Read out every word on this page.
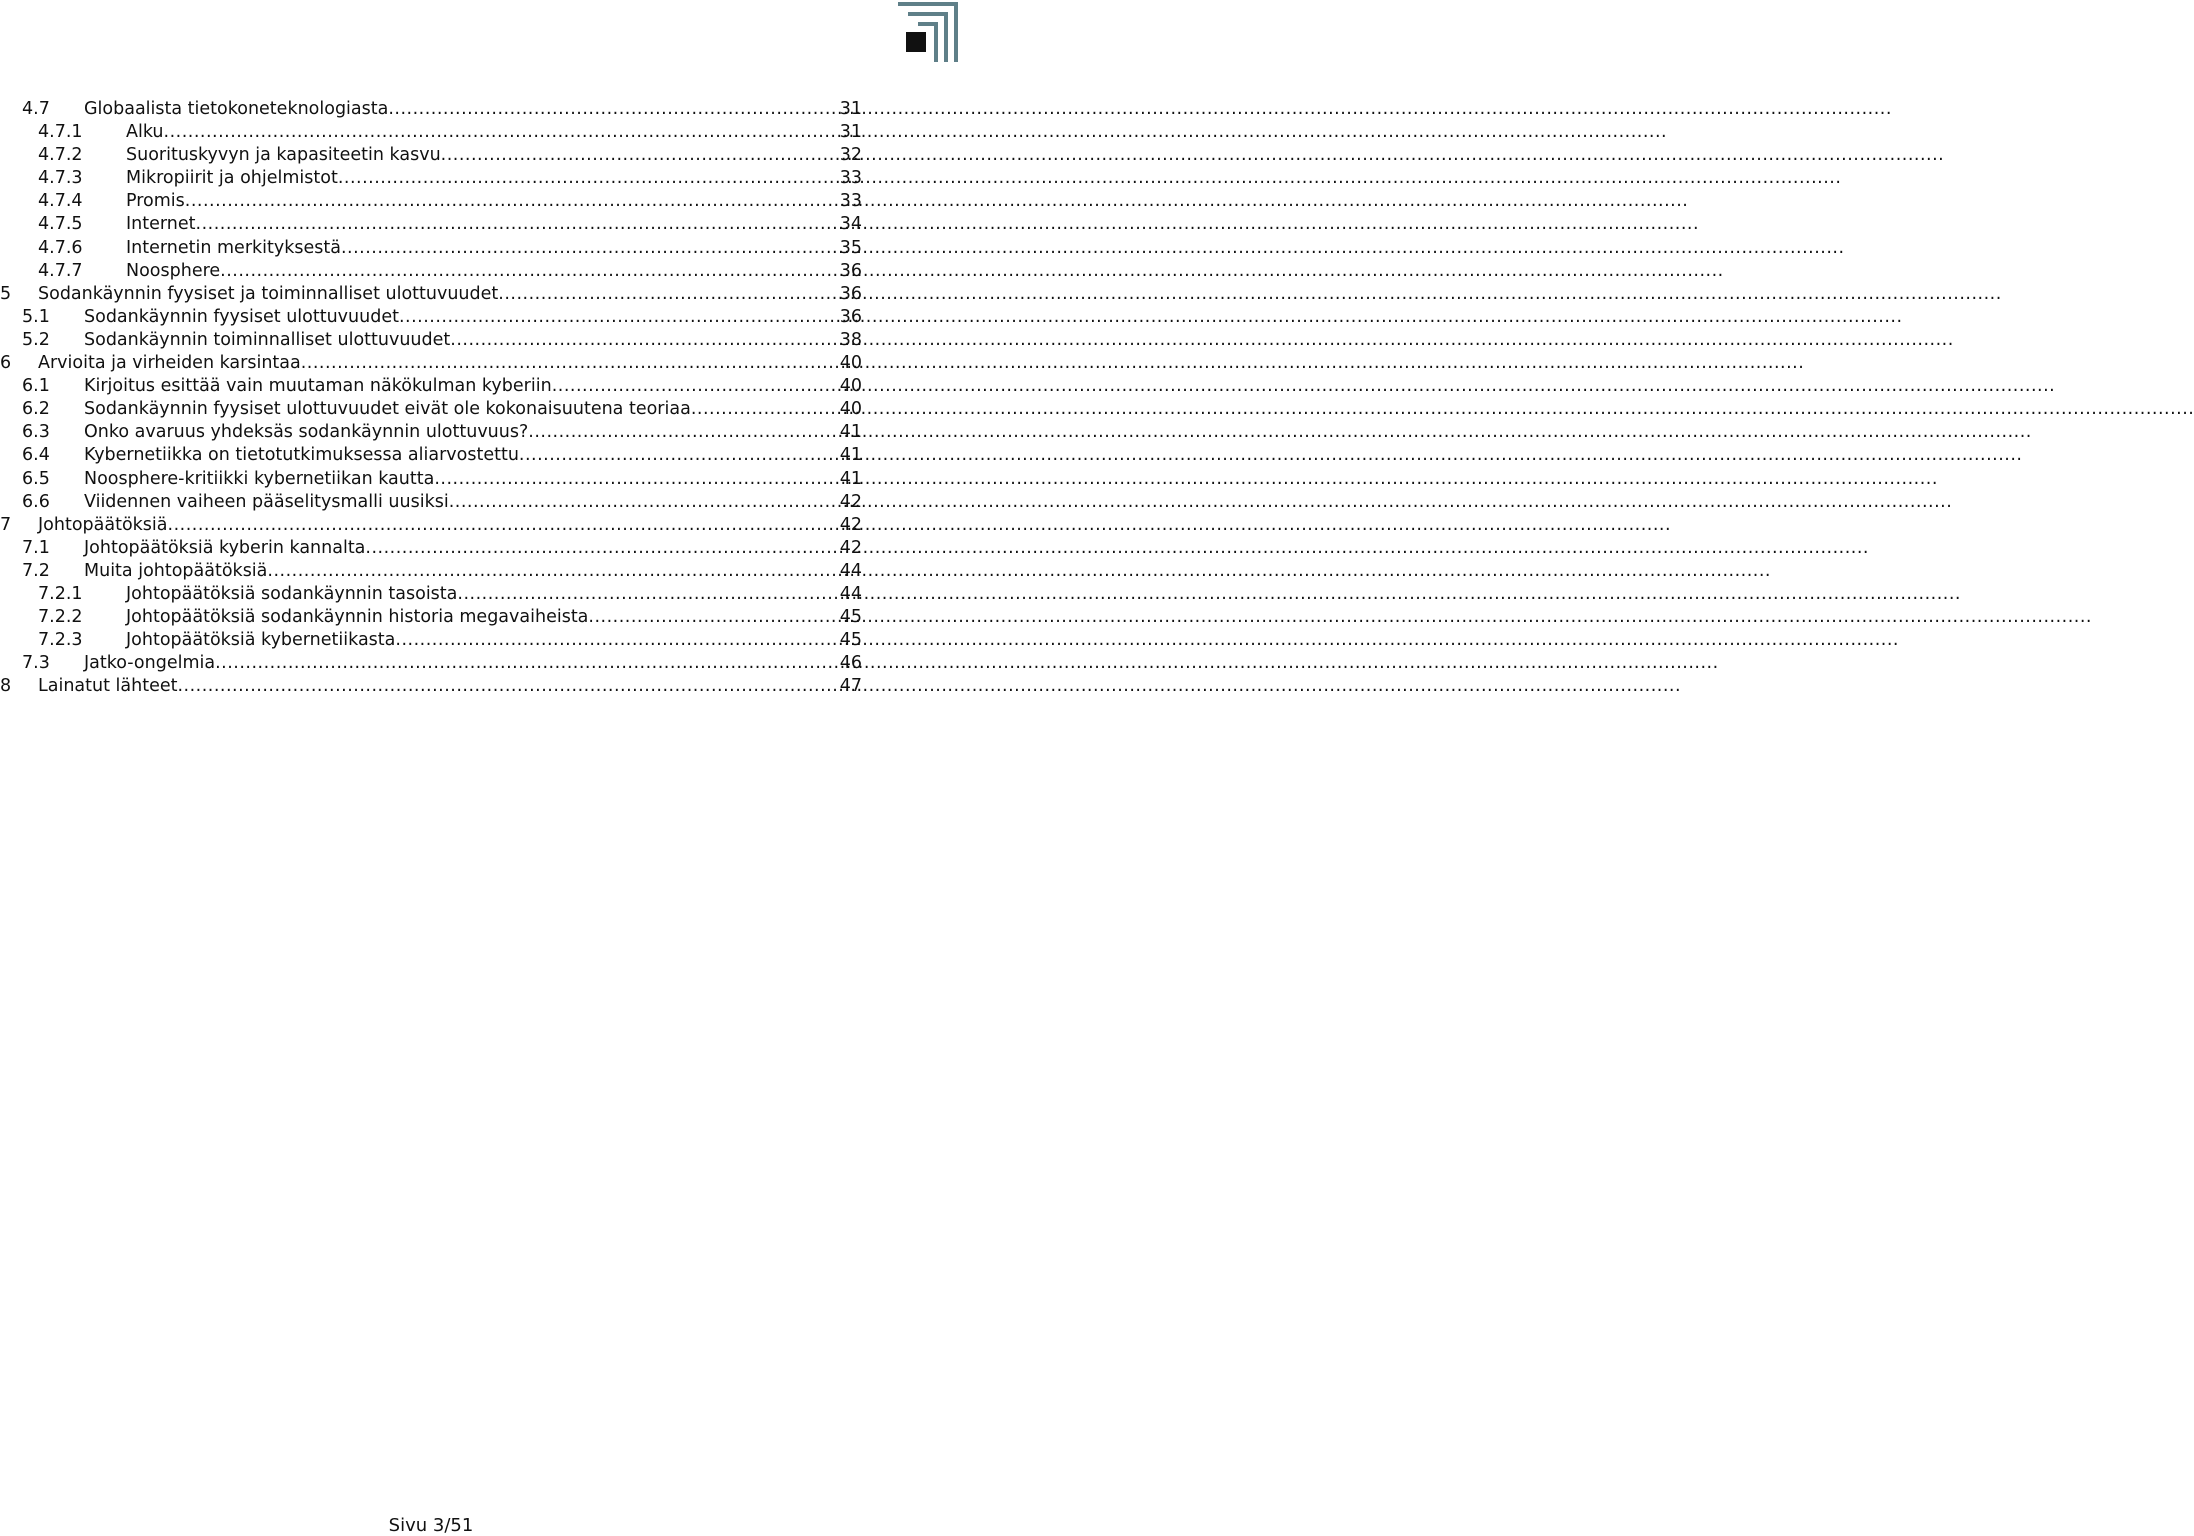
4.7	Globaalista tietokoneteknologiasta .....	31
4.7.1	Alku .....	31
4.7.2	Suorituskyvyn ja kapasiteetin kasvu .....	32
4.7.3	Mikropiirit ja ohjelmistot .....	33
4.7.4	Promis .....	33
4.7.5	Internet .....	34
4.7.6	Internetin merkityksestä .....	35
4.7.7	Noosphere .....	36
5	Sodankäynnin fyysiset ja toiminnalliset ulottuvuudet .....	36
5.1	Sodankäynnin fyysiset ulottuvuudet .....	36
5.2	Sodankäynnin toiminnalliset ulottuvuudet .....	38
6	Arvioita ja virheiden karsintaa .....	40
6.1	Kirjoitus esittää vain muutaman näkökulman kyberiin .....	40
6.2	Sodankäynnin fyysiset ulottuvuudet eivät ole kokonaisuutena teoriaa .....	40
6.3	Onko avaruus yhdeksäs sodankäynnin ulottuvuus? .....	41
6.4	Kybernetiikka on tietotutkimuksessa aliarvostettu .....	41
6.5	Noosphere-kritiikki kybernetiikan kautta .....	41
6.6	Viidennen vaiheen pääselitysmalli uusiksi .....	42
7	Johtopäätöksiä .....	42
7.1	Johtopäätöksiä kyberin kannalta .....	42
7.2	Muita johtopäätöksiä .....	44
7.2.1	Johtopäätöksiä sodankäynnin tasoista .....	44
7.2.2	Johtopäätöksiä sodankäynnin historia megavaiheista .....	45
7.2.3	Johtopäätöksiä kybernetiikasta .....	45
7.3	Jatko-ongelmia .....	46
8	Lainatut lähteet .....	47
Sivu 3/51
